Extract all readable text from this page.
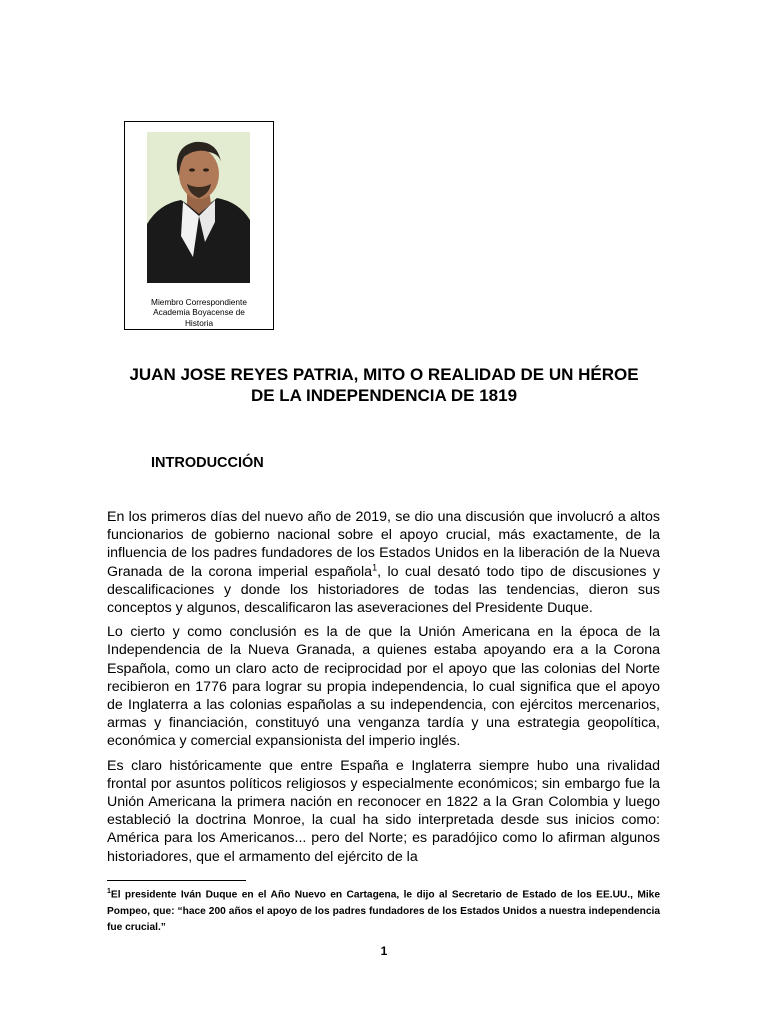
Miembro Correspondiente
Academia Boyacense de
Historia
JUAN JOSE REYES PATRIA, MITO O REALIDAD DE UN HÉROE
DE LA INDEPENDENCIA DE 1819
INTRODUCCIÓN

En los primeros días del nuevo año de 2019, se dio una discusión que involucró a altos funcionarios de gobierno nacional sobre el apoyo crucial, más exactamente, de la influencia de los padres fundadores de los Estados Unidos en la liberación de la Nueva Granada de la corona imperial española$^1$, lo cual desató todo tipo de discusiones y descalificaciones y donde los historiadores de todas las tendencias, dieron sus conceptos y algunos, descalificaron las aseveraciones del Presidente Duque.

Lo cierto y como conclusión es la de que la Unión Americana en la época de la Independencia de la Nueva Granada, a quienes estaba apoyando era a la Corona Española, como un claro acto de reciprocidad por el apoyo que las colonias del Norte recibieron en 1776 para lograr su propia independencia, lo cual significa que el apoyo de Inglaterra a las colonias españolas a su independencia, con ejércitos mercenarios, armas y financiación, constituyó una venganza tardía y una estrategia geopolítica, económica y comercial expansionista del imperio inglés.

Es claro históricamente que entre España e Inglaterra siempre hubo una rivalidad frontal por asuntos políticos religiosos y especialmente económicos; sin embargo fue la Unión Americana la primera nación en reconocer en 1822 a la Gran Colombia y luego estableció la doctrina Monroe, la cual ha sido interpretada desde sus inicios como: América para los Americanos... pero del Norte; es paradójico como lo afirman algunos historiadores, que el armamento del ejército de la

$^1$El presidente Iván Duque en el Año Nuevo en Cartagena, le dijo al Secretario de Estado de los EE.UU., Mike Pompeo, que: “hace 200 años el apoyo de los padres fundadores de los Estados Unidos a nuestra independencia fue crucial.”
1
